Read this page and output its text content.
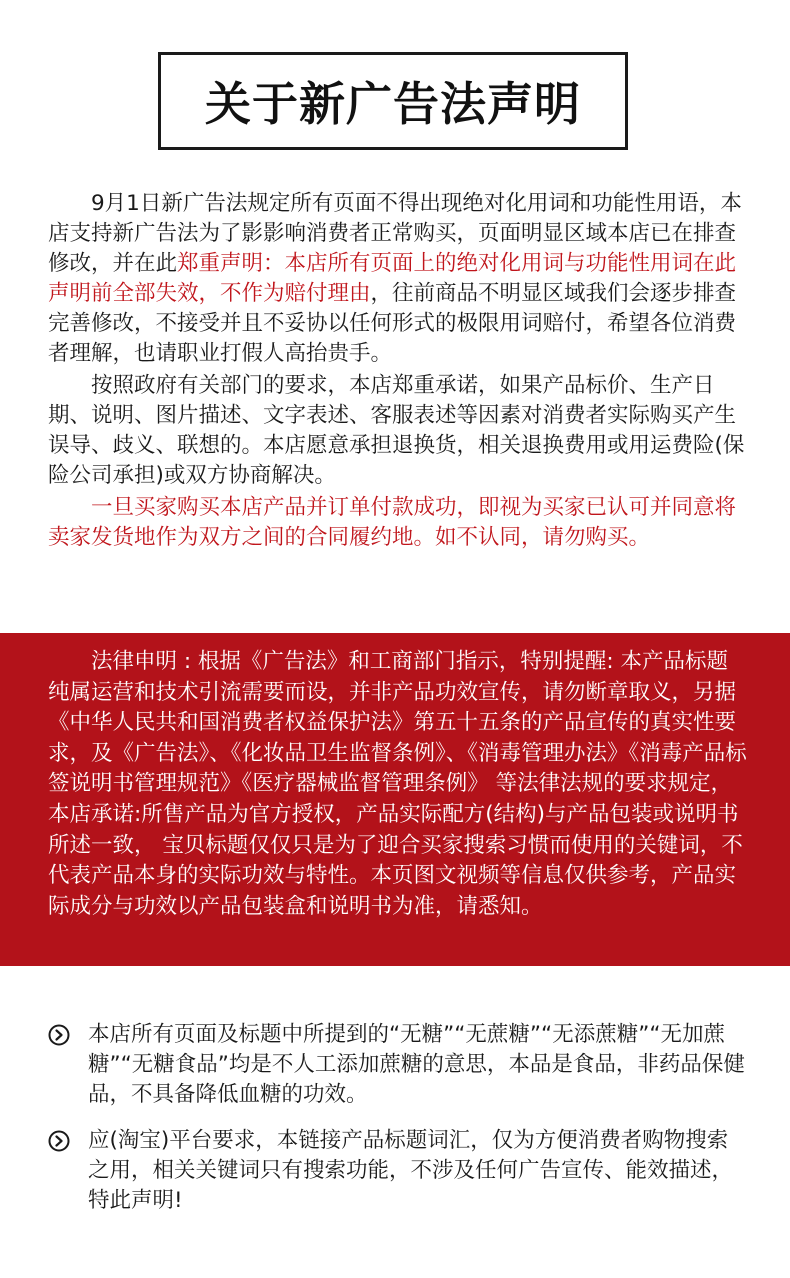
关于新广告法声明

9月1日新广告法规定所有页面不得出现绝对化用词和功能性用语，本店支持新广告法为了影影响消费者正常购买，页面明显区域本店已在排查修改，并在此郑重声明：本店所有页面上的绝对化用词与功能性用词在此声明前全部失效，不作为赔付理由，往前商品不明显区域我们会逐步排查完善修改，不接受并且不妥协以任何形式的极限用词赔付，希望各位消费者理解，也请职业打假人高抬贵手。

按照政府有关部门的要求，本店郑重承诺，如果产品标价、生产日期、说明、图片描述、文字表述、客服表述等因素对消费者实际购买产生误导、歧义、联想的。本店愿意承担退换货，相关退换费用或用运费险(保险公司承担)或双方协商解决。

一旦买家购买本店产品并订单付款成功，即视为买家已认可并同意将卖家发货地作为双方之间的合同履约地。如不认同，请勿购买。

法律申明 : 根据《广告法》和工商部门指示，特别提醒: 本产品标题纯属运营和技术引流需要而设，并非产品功效宣传，请勿断章取义，另据《中华人民共和国消费者权益保护法》第五十五条的产品宣传的真实性要求，及《广告法》、《化妆品卫生监督条例》、《消毒管理办法》《消毒产品标签说明书管理规范》《医疗器械监督管理条例》 等法律法规的要求规定，本店承诺:所售产品为官方授权，产品实际配方(结构)与产品包装或说明书所述一致， 宝贝标题仅仅只是为了迎合买家搜索习惯而使用的关键词，不代表产品本身的实际功效与特性。本页图文视频等信息仅供参考，产品实际成分与功效以产品包装盒和说明书为准，请悉知。

本店所有页面及标题中所提到的“无糖”“无蔗糖”“无添蔗糖”“无加蔗糖”“无糖食品”均是不人工添加蔗糖的意思，本品是食品，非药品保健品，不具备降低血糖的功效。
应(淘宝)平台要求，本链接产品标题词汇，仅为方便消费者购物搜索之用，相关关键词只有搜索功能，不涉及任何广告宣传、能效描述，特此声明!
